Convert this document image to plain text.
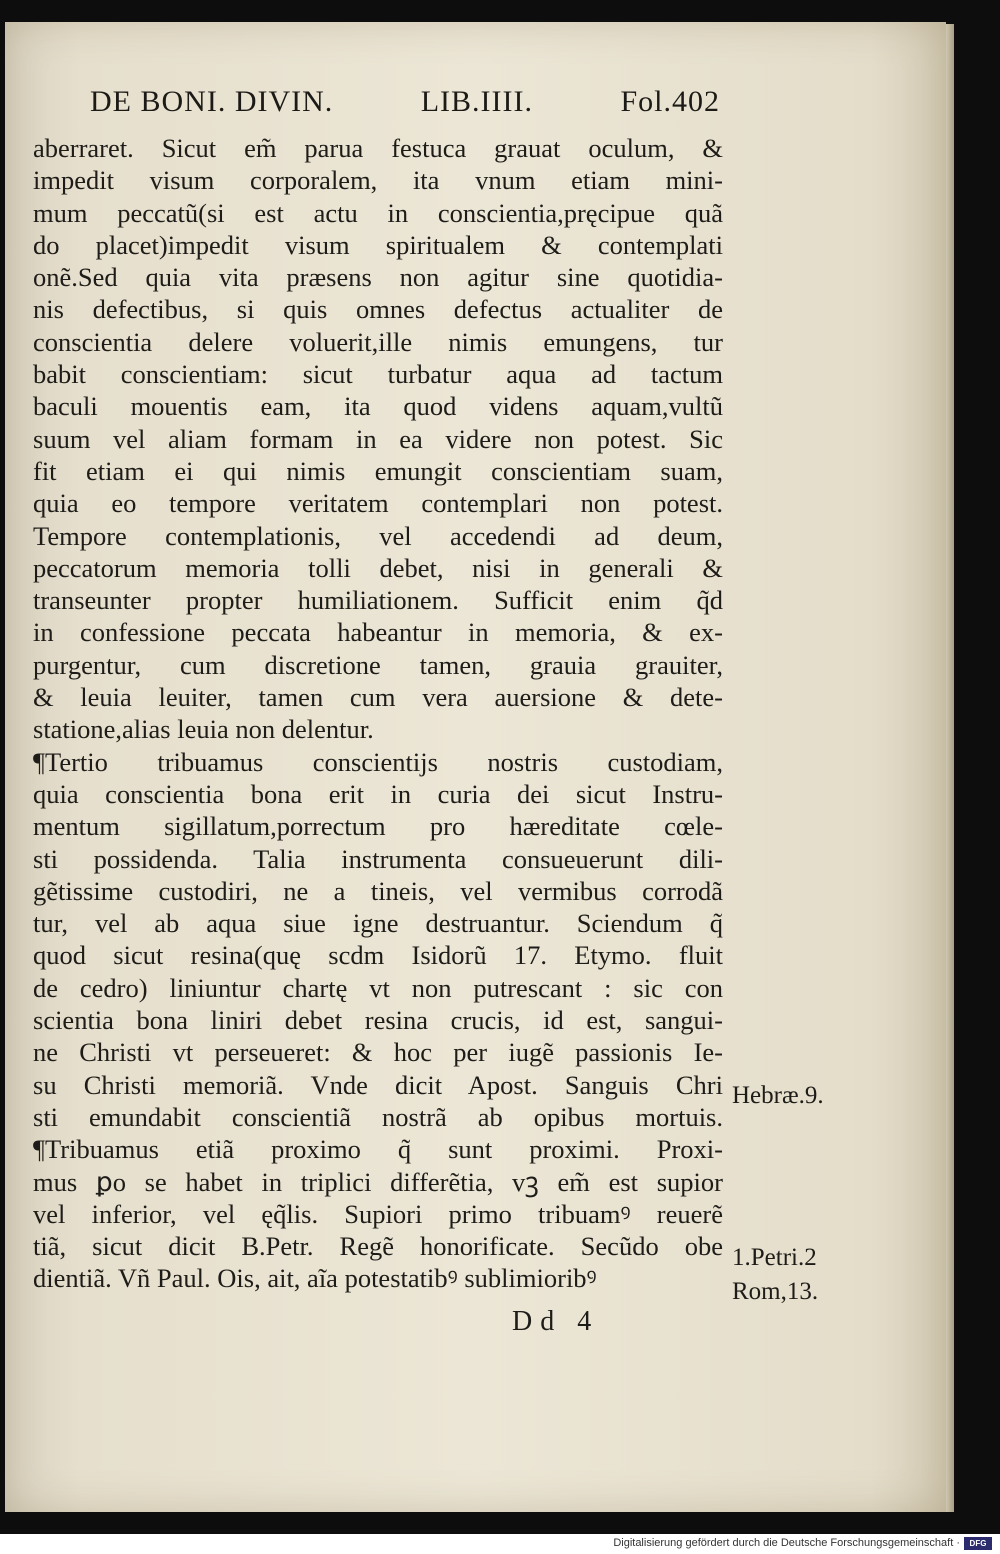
DE BONI. DIVIN.	LIB.IIII.	Fol.402
aberraret. Sicut em̃ parua festuca grauat oculum, &
impedit visum corporalem, ita vnum etiam mini-
mum peccatũ(si est actu in conscientia,pręcipue quã
do placet)impedit visum spiritualem & contemplati
onẽ.Sed quia vita præsens non agitur sine quotidia-
nis defectibus, si quis omnes defectus actualiter de
conscientia delere voluerit,ille nimis emungens, tur
babit conscientiam: sicut turbatur aqua ad tactum
baculi mouentis eam, ita quod videns aquam,vultũ
suum vel aliam formam in ea videre non potest. Sic
fit etiam ei qui nimis emungit conscientiam suam,
quia eo tempore veritatem contemplari non potest.
Tempore contemplationis, vel accedendi ad deum,
peccatorum memoria tolli debet, nisi in generali &
transeunter propter humiliationem. Sufficit enim q̃d
in confessione peccata habeantur in memoria, & ex-
purgentur, cum discretione tamen, grauia grauiter,
& leuia leuiter, tamen cum vera auersione & dete-
statione,alias leuia non delentur.
¶Tertio tribuamus conscientijs nostris custodiam,
quia conscientia bona erit in curia dei sicut Instru-
mentum sigillatum,porrectum pro hæreditate cœle-
sti possidenda. Talia instrumenta consueuerunt dili-
gẽtissime custodiri, ne a tineis, vel vermibus corrodã
tur, vel ab aqua siue igne destruantur. Sciendum q̃
quod sicut resina(quę scdm Isidorũ 17. Etymo. fluit
de cedro) liniuntur chartę vt non putrescant : sic con
scientia bona liniri debet resina crucis, id est, sangui-
ne Christi vt perseueret: & hoc per iugẽ passionis Ie-
su Christi memoriã. Vnde dicit Apost. Sanguis Chri
sti emundabit conscientiã nostrã ab opibus mortuis.
¶Tribuamus etiã proximo q̃ sunt proximi. Proxi-
mus ꝑo se habet in triplici differẽtia, vꝫ em̃ est supior
vel inferior, vel ęq̃lis. Supiori primo tribuamꝰ reuerẽ
tiã, sicut dicit B.Petr. Regẽ honorificate. Secũdo obe
dientiã. Vñ Paul. Ois, ait, aĩa potestatibꝰ sublimioribꝰ
Hebræ.9.
1.Petri.2
Rom,13.
Dd 4
Digitalisierung gefördert durch die Deutsche Forschungsgemeinschaft ·	DFG
